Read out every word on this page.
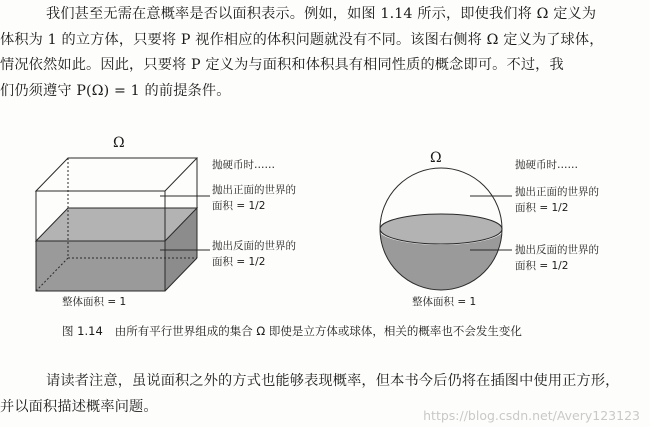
我们甚至无需在意概率是否以面积表示。例如，如图 1.14 所示，即使我们将 Ω 定义为
体积为 1 的立方体，只要将 P 视作相应的体积问题就没有不同。该图右侧将 Ω 定义为了球体，
情况依然如此。因此，只要将 P 定义为与面积和体积具有相同性质的概念即可。不过，我
们仍须遵守 P(Ω) = 1 的前提条件。
Ω
抛硬币时……
抛出正面的世界的
面积 = 1/2
抛出反面的世界的
面积 = 1/2
整体面积 = 1
Ω	抛硬币时……
抛出正面的世界的
面积 = 1/2
抛出反面的世界的
面积 = 1/2
整体面积 = 1
图 1.14 由所有平行世界组成的集合 Ω 即使是立方体或球体，相关的概率也不会发生变化
请读者注意，虽说面积之外的方式也能够表现概率，但本书今后仍将在插图中使用正方形，
并以面积描述概率问题。
https://blog.csdn.net/Avery123123
